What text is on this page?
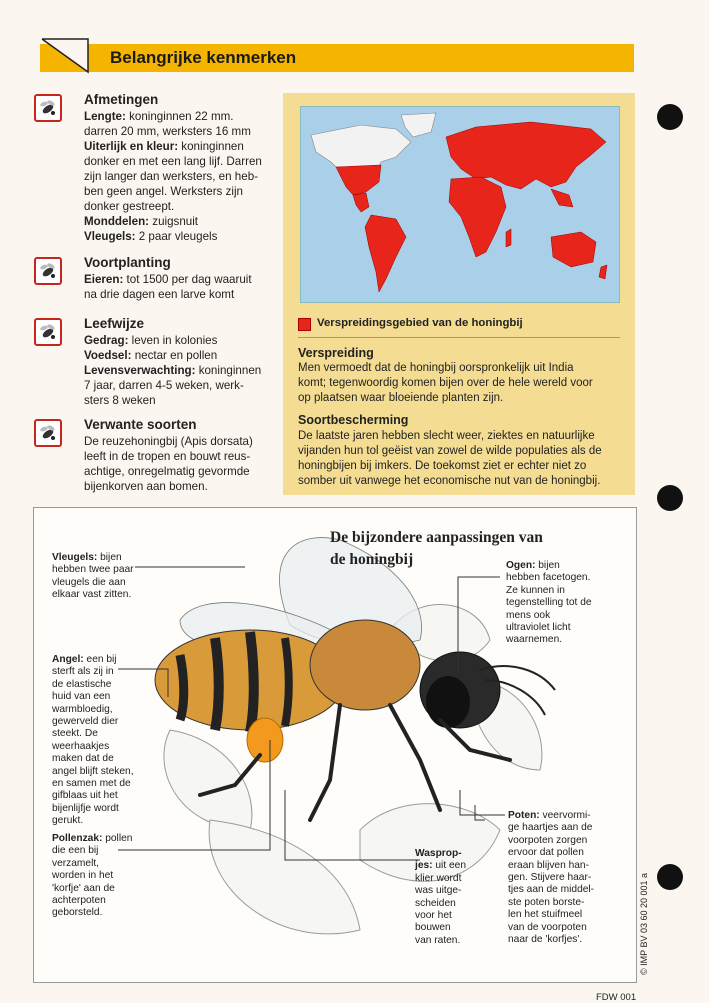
Belangrijke kenmerken
Afmetingen
Lengte: koninginnen 22 mm.
darren 20 mm, werksters 16 mm
Uiterlijk en kleur: koninginnen
donker en met een lang lijf. Darren
zijn langer dan werksters, en heb-
ben geen angel. Werksters zijn
donker gestreept.
Monddelen: zuigsnuit
Vleugels: 2 paar vleugels
Voortplanting
Eieren: tot 1500 per dag waaruit
na drie dagen een larve komt
Leefwijze
Gedrag: leven in kolonies
Voedsel: nectar en pollen
Levensverwachting: koninginnen
7 jaar, darren 4-5 weken, werk-
sters 8 weken
Verwante soorten
De reuzehoningbij (Apis dorsata)
leeft in de tropen en bouwt reus-
achtige, onregelmatig gevormde
bijenkorven aan bomen.
Verspreidingsgebied van de honingbij
Verspreiding
Men vermoedt dat de honingbij oorspronkelijk uit India
komt; tegenwoordig komen bijen over de hele wereld voor
op plaatsen waar bloeiende planten zijn.
Soortbescherming
De laatste jaren hebben slecht weer, ziektes en natuurlijke
vijanden hun tol geëist van zowel de wilde populaties als de
honingbijen bij imkers. De toekomst ziet er echter niet zo
somber uit vanwege het economische nut van de honingbij.
De bijzondere aanpassingen van
de honingbij
Vleugels: bijen
hebben twee paar
vleugels die aan
elkaar vast zitten.
Angel: een bij
sterft als zij in
de elastische
huid van een
warmbloedig,
gewerveld dier
steekt. De
weerhaakjes
maken dat de
angel blijft steken,
en samen met de
gifblaas uit het
bijenlijfje wordt
gerukt.
Pollenzak: pollen
die een bij
verzamelt,
worden in het
'korfje' aan de
achterpoten
geborsteld.
Ogen: bijen
hebben facetogen.
Ze kunnen in
tegenstelling tot de
mens ook
ultraviolet licht
waarnemen.
Wasprop-
jes: uit een
klier wordt
was uitge-
scheiden
voor het
bouwen
van raten.
Poten: veervormi-
ge haartjes aan de
voorpoten zorgen
ervoor dat pollen
eraan blijven han-
gen. Stijvere haar-
tjes aan de middel-
ste poten borste-
len het stuifmeel
van de voorpoten
naar de 'korfjes'.	© IMP BV 03 60 20 001 a
FDW 001
